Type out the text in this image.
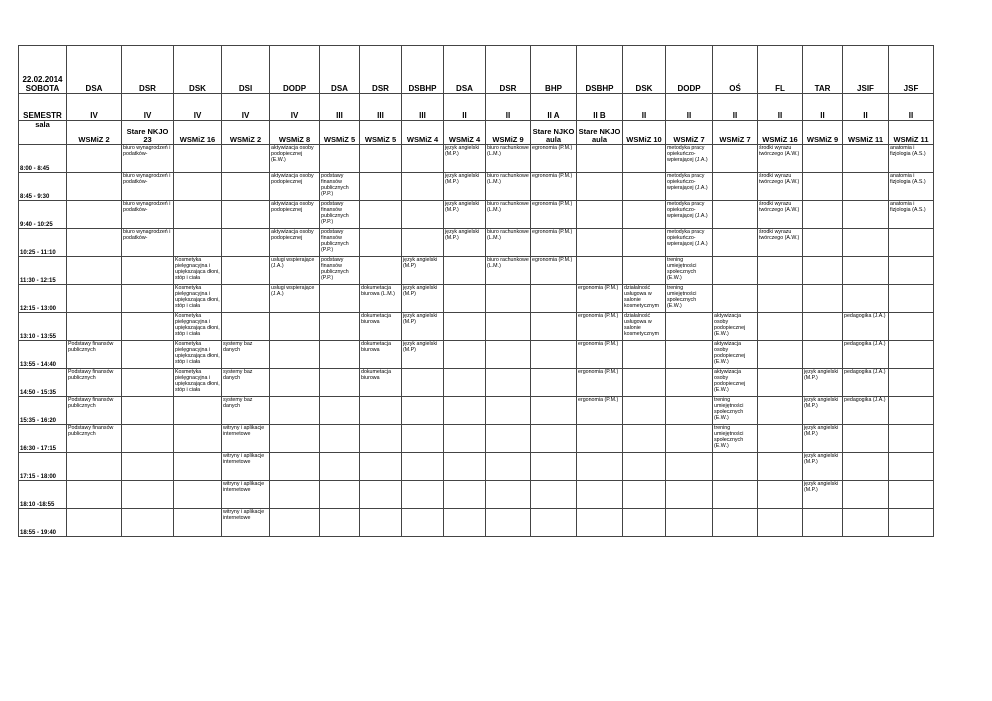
22.02.2014
SOBOTA	DSA	DSR	DSK	DSI	DODP	DSA	DSR	DSBHP	DSA	DSR	BHP	DSBHP	DSK	DODP	OŚ	FL	TAR	JSIF	JSF
SEMESTR	IV	IV	IV	IV	IV	III	III	III	II	II	II A	II B	II	II	II	II	II	II	II
sala	WSMiZ 2	Stare NKJO 23	WSMiZ 16	WSMiZ 2	WSMiZ 8	WSMiZ 5	WSMiZ 5	WSMiZ 4	WSMiZ 4	WSMiZ 9	Stare NJKO aula	Stare NKJO aula	WSMiZ 10	WSMiZ 7	WSMiZ 7	WSMiZ 16	WSMiZ 9	WSMiZ 11	WSMiZ 11
8:00 - 8:45		biuro wynagrodzeń i podatków-			aktywizacja osoby podopiecznej (E.W.)				język angielski (M.P.)	biuro rachunkowe (L.M.)	egronomia (P.M.)			metodyka pracy opiekuńczo-wpierającej (J.A.)		środki wyrazu twórczego (A.W.)			anatomia i fizjologia (A.S.)
8:45 - 9:30		biuro wynagrodzeń i podatków-			aktywizacja osoby podopiecznej	podstawy finansów publicznych (P.P.)			język angielski (M.P.)	biuro rachunkowe (L.M.)	egronomia (P.M.)			metodyka pracy opiekuńczo-wpierającej (J.A.)		środki wyrazu twórczego (A.W.)			anatomia i fizjologia (A.S.)
9:40 - 10:25		biuro wynagrodzeń i podatków-			aktywizacja osoby podopiecznej	podstawy finansów publicznych (P.P.)			język angielski (M.P.)	biuro rachunkowe (L.M.)	egronomia (P.M.)			metodyka pracy opiekuńczo-wpierającej (J.A.)		środki wyrazu twórczego (A.W.)			anatomia i fizjologia (A.S.)
10:25 - 11:10		biuro wynagrodzeń i podatków-			aktywizacja osoby podopiecznej	podstawy finansów publicznych (P.P.)			język angielski (M.P.)	biuro rachunkowe (L.M.)	egronomia (P.M.)			metodyka pracy opiekuńczo-wpierającej (J.A.)		środki wyrazu twórczego (A.W.)			
11:30 - 12:15			Kosmetyka pielęgnacyjna i upiększająca dłoni, stóp i ciała		usługi wspierające (J.A.)	podstawy finansów publicznych (P.P.)		język angielski (M.P)		biuro rachunkowe (L.M.)	egronomia (P.M.)			trening umiejętności społecznych (E.W.)					
12:15 - 13:00			Kosmetyka pielęgnacyjna i upiększająca dłoni, stóp i ciała		usługi wspierające (J.A.)		dokumetacja biurowa (L.M.)	język angielski (M.P)				ergonomia (P.M.)	działalność usługowa w salonie kosmetycznym	trening umiejętności społecznych (E.W.)					
13:10 - 13:55			Kosmetyka pielęgnacyjna i upiększająca dłoni, stóp i ciała				dokumetacja biurowa	język angielski (M.P)				ergonomia (P.M.)	działalność usługowa w salonie kosmetycznym		aktywizacja osoby podopiecznej (E.W.)			pedagogika (J.A.)	
13:55 - 14:40	Podstawy finansów publicznych		Kosmetyka pielęgnacyjna i upiększająca dłoni, stóp i ciała	systemy baz danych			dokumetacja biurowa	język angielski (M.P)				ergonomia (P.M.)			aktywizacja osoby podopiecznej (E.W.)			pedagogika (J.A.)	
14:50 - 15:35	Podstawy finansów publicznych		Kosmetyka pielęgnacyjna i upiększająca dłoni, stóp i ciała	systemy baz danych			dokumetacja biurowa					ergonomia (P.M.)			aktywizacja osoby podopiecznej (E.W.)		język angielski (M.P.)	pedagogika (J.A.)	
15:35 - 16:20	Podstawy finansów publicznych			systemy baz danych								ergonomia (P.M.)			trening umiejętności społecznych (E.W.)		język angielski (M.P.)	pedagogika (J.A.)	
16:30 - 17:15	Podstawy finansów publicznych			witryny i aplikacje internetowe											trening umiejętności społecznych (E.W.)		język angielski (M.P.)		
17:15 - 18:00				witryny i aplikacje internetowe													język angielski (M.P.)		
18:10 -18:55				witryny i aplikacje internetowe													język angielski (M.P.)		
18:55 - 19:40				witryny i aplikacje internetowe															
